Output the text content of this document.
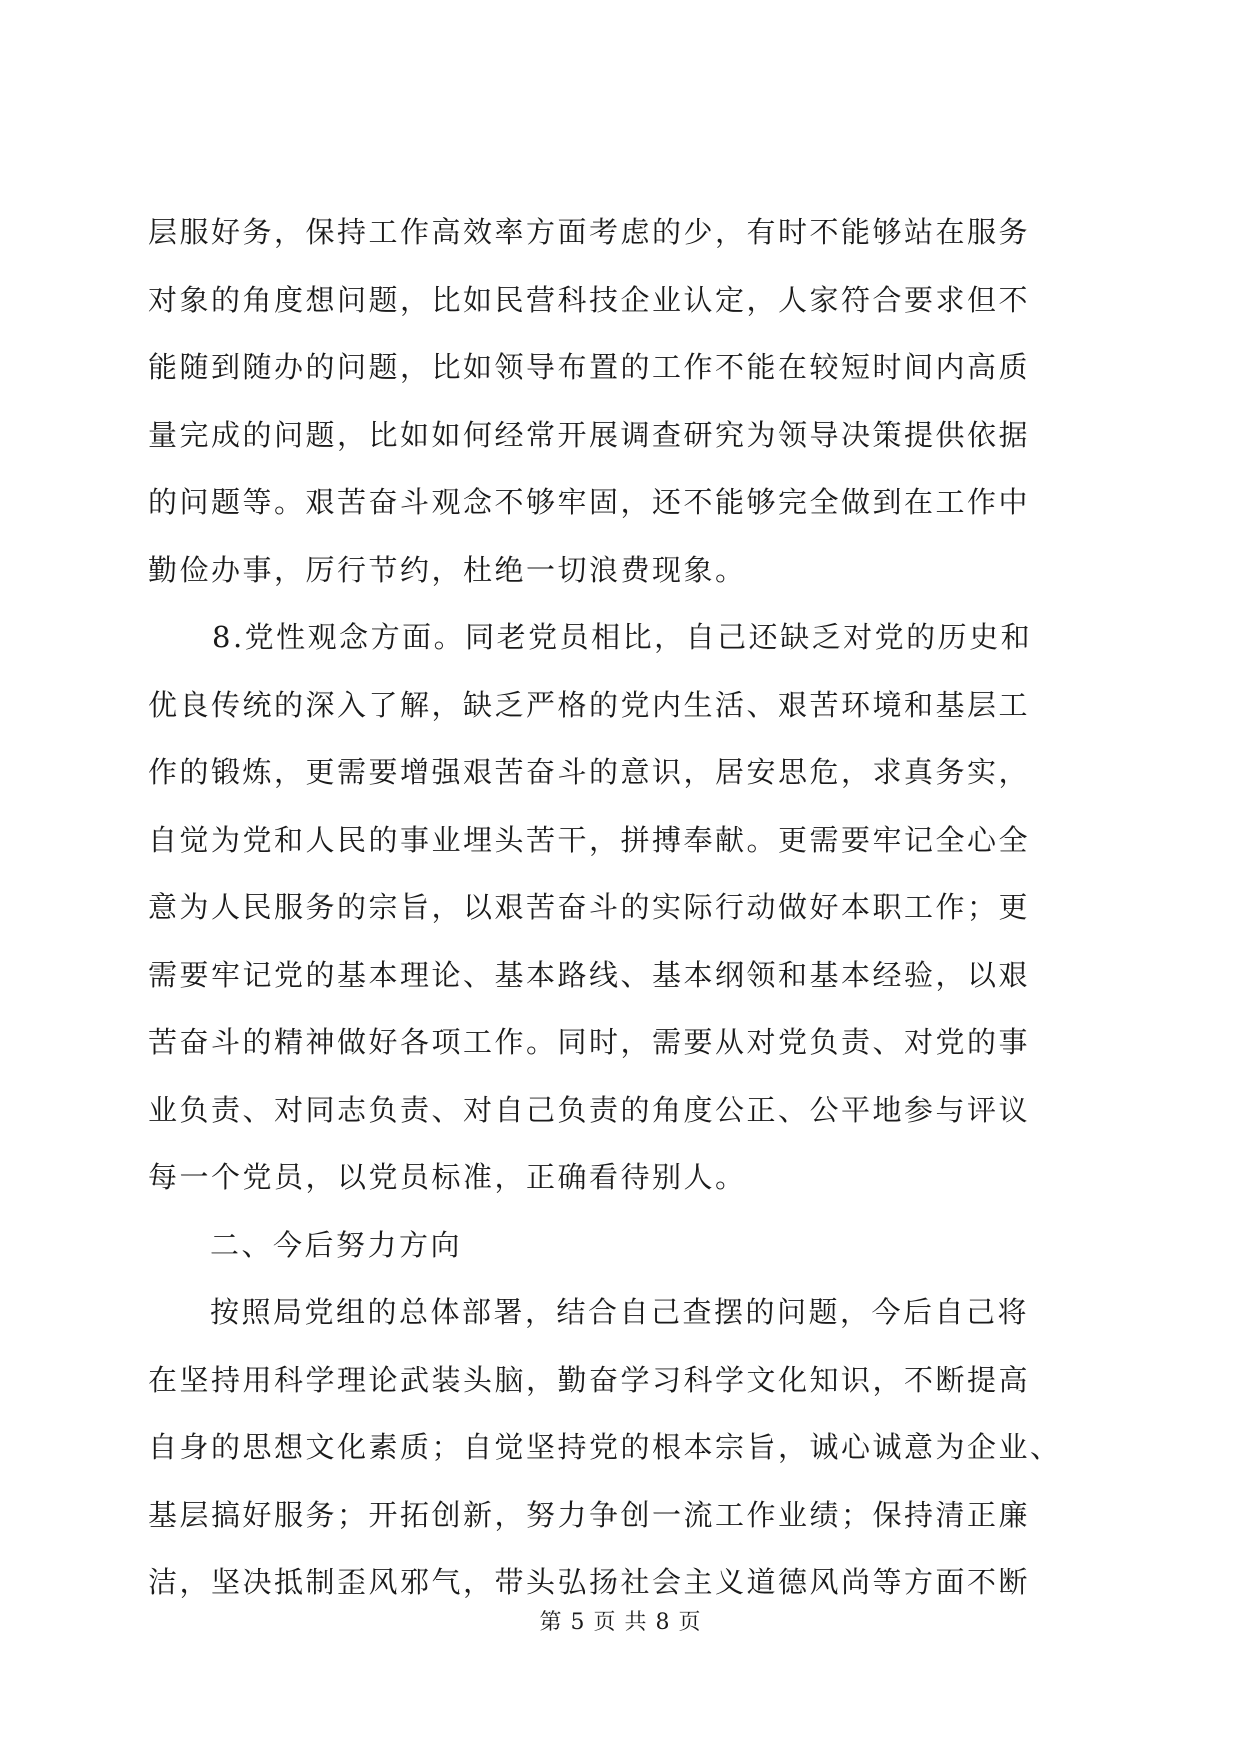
层服好务，保持工作高效率方面考虑的少，有时不能够站在服务
对象的角度想问题，比如民营科技企业认定，人家符合要求但不
能随到随办的问题，比如领导布置的工作不能在较短时间内高质
量完成的问题，比如如何经常开展调查研究为领导决策提供依据
的问题等。艰苦奋斗观念不够牢固，还不能够完全做到在工作中
勤俭办事，厉行节约，杜绝一切浪费现象。
8.党性观念方面。同老党员相比，自己还缺乏对党的历史和
优良传统的深入了解，缺乏严格的党内生活、艰苦环境和基层工
作的锻炼，更需要增强艰苦奋斗的意识，居安思危，求真务实，
自觉为党和人民的事业埋头苦干，拼搏奉献。更需要牢记全心全
意为人民服务的宗旨，以艰苦奋斗的实际行动做好本职工作；更
需要牢记党的基本理论、基本路线、基本纲领和基本经验，以艰
苦奋斗的精神做好各项工作。同时，需要从对党负责、对党的事
业负责、对同志负责、对自己负责的角度公正、公平地参与评议
每一个党员，以党员标准，正确看待别人。
二、今后努力方向
按照局党组的总体部署，结合自己查摆的问题，今后自己将
在坚持用科学理论武装头脑，勤奋学习科学文化知识，不断提高
自身的思想文化素质；自觉坚持党的根本宗旨，诚心诚意为企业、
基层搞好服务；开拓创新，努力争创一流工作业绩；保持清正廉
洁，坚决抵制歪风邪气，带头弘扬社会主义道德风尚等方面不断
第 5 页 共 8 页
